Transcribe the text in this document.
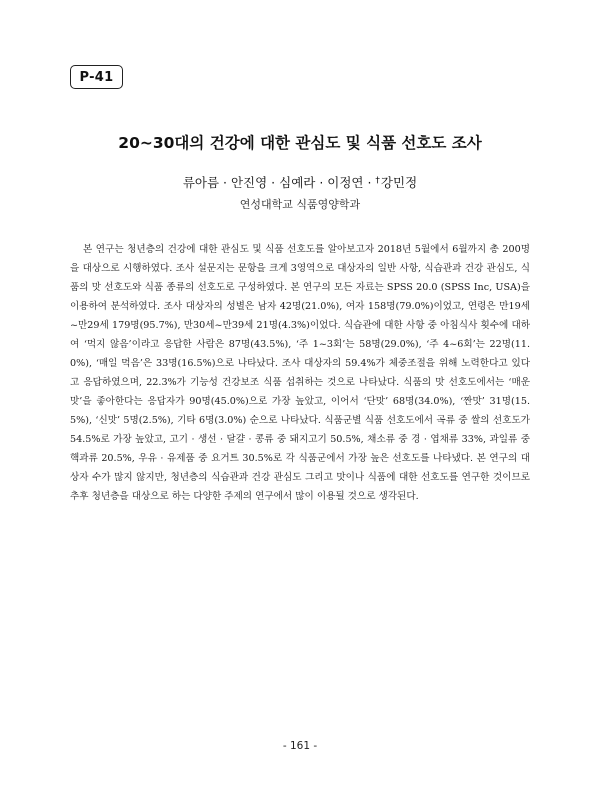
P-41
20~30대의 건강에 대한 관심도 및 식품 선호도 조사
류아름 · 안진영 · 심예라 · 이정연 · †강민정
연성대학교 식품영양학과

본 연구는 청년층의 건강에 대한 관심도 및 식품 선호도를 알아보고자 2018년 5월에서 6월까지 총 200명을 대상으로 시행하였다. 조사 설문지는 문항을 크게 3영역으로 대상자의 일반 사항, 식습관과 건강 관심도, 식품의 맛 선호도와 식품 종류의 선호도로 구성하였다. 본 연구의 모든 자료는 SPSS 20.0 (SPSS Inc, USA)을 이용하여 분석하였다. 조사 대상자의 성별은 남자 42명(21.0%), 여자 158명(79.0%)이었고, 연령은 만19세~만29세 179명(95.7%), 만30세~만39세 21명(4.3%)이었다. 식습관에 대한 사항 중 아침식사 횟수에 대하여 ‘먹지 않음’이라고 응답한 사람은 87명(43.5%), ‘주 1~3회’는 58명(29.0%), ‘주 4~6회’는 22명(11.0%), ‘매일 먹음’은 33명(16.5%)으로 나타났다. 조사 대상자의 59.4%가 체중조절을 위해 노력한다고 있다고 응답하였으며, 22.3%가 기능성 건강보조 식품 섭취하는 것으로 나타났다. 식품의 맛 선호도에서는 ‘매운맛’을 좋아한다는 응답자가 90명(45.0%)으로 가장 높았고, 이어서 ‘단맛’ 68명(34.0%), ‘짠맛’ 31명(15.5%), ‘신맛’ 5명(2.5%), 기타 6명(3.0%) 순으로 나타났다. 식품군별 식품 선호도에서 곡류 중 쌀의 선호도가 54.5%로 가장 높았고, 고기 · 생선 · 달걀 · 콩류 중 돼지고기 50.5%, 채소류 중 경 · 엽채류 33%, 과일류 중 핵과류 20.5%, 우유 · 유제품 중 요거트 30.5%로 각 식품군에서 가장 높은 선호도를 나타냈다. 본 연구의 대상자 수가 많지 않지만, 청년층의 식습관과 건강 관심도 그리고 맛이나 식품에 대한 선호도를 연구한 것이므로 추후 청년층을 대상으로 하는 다양한 주제의 연구에서 많이 이용될 것으로 생각된다.

- 161 -
